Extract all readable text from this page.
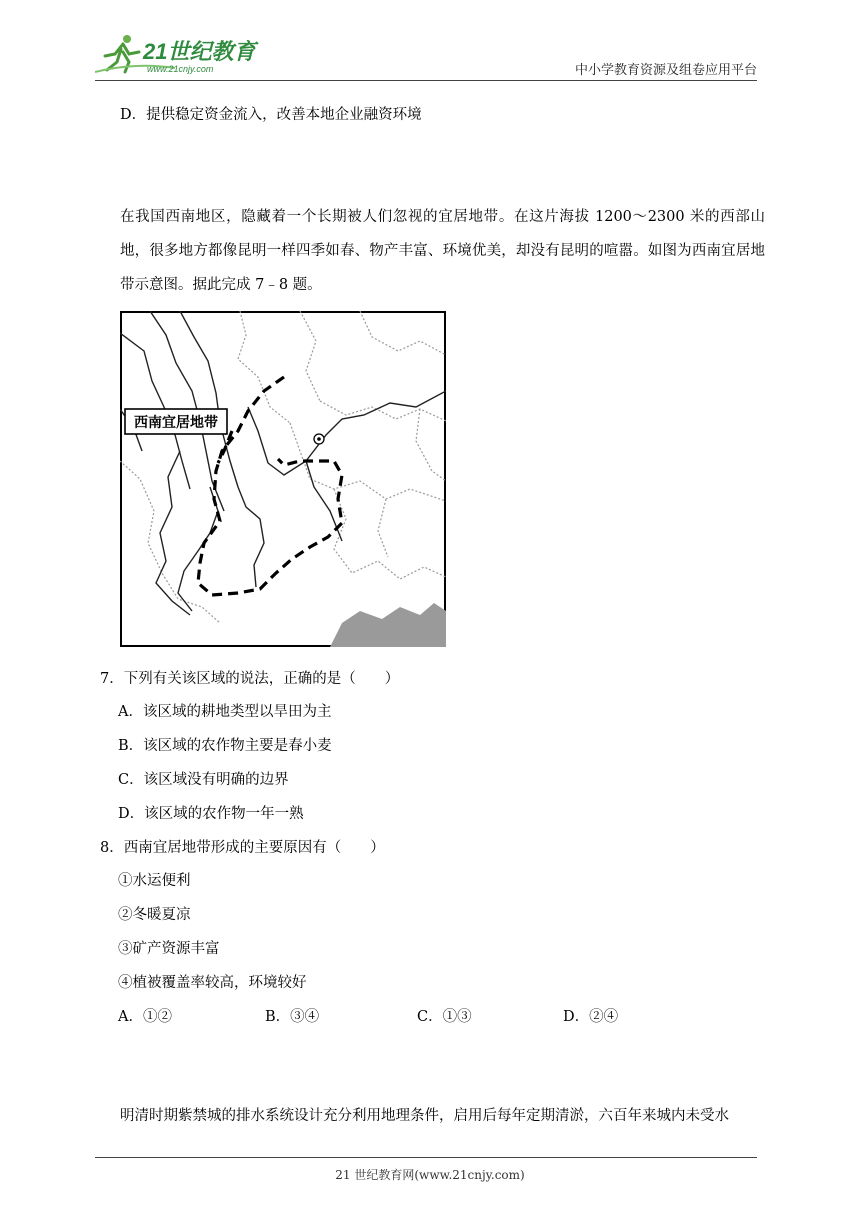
21世纪教育
www.21cnjy.com	中小学教育资源及组卷应用平台
D．提供稳定资金流入，改善本地企业融资环境
在我国西南地区，隐藏着一个长期被人们忽视的宜居地带。在这片海拔 1200～2300 米的西部山地，很多地方都像昆明一样四季如春、物产丰富、环境优美，却没有昆明的喧嚣。如图为西南宜居地带示意图。据此完成 7﹣8 题。
西南宜居地带
7．下列有关该区域的说法，正确的是（　　）
A．该区域的耕地类型以旱田为主
B．该区域的农作物主要是春小麦
C．该区域没有明确的边界
D．该区域的农作物一年一熟
8．西南宜居地带形成的主要原因有（　　）
①水运便利
②冬暖夏凉
③矿产资源丰富
④植被覆盖率较高，环境较好
A．①②	B．③④	C．①③	D．②④
明清时期紫禁城的排水系统设计充分利用地理条件，启用后每年定期清淤，六百年来城内未受水
21 世纪教育网(www.21cnjy.com)
